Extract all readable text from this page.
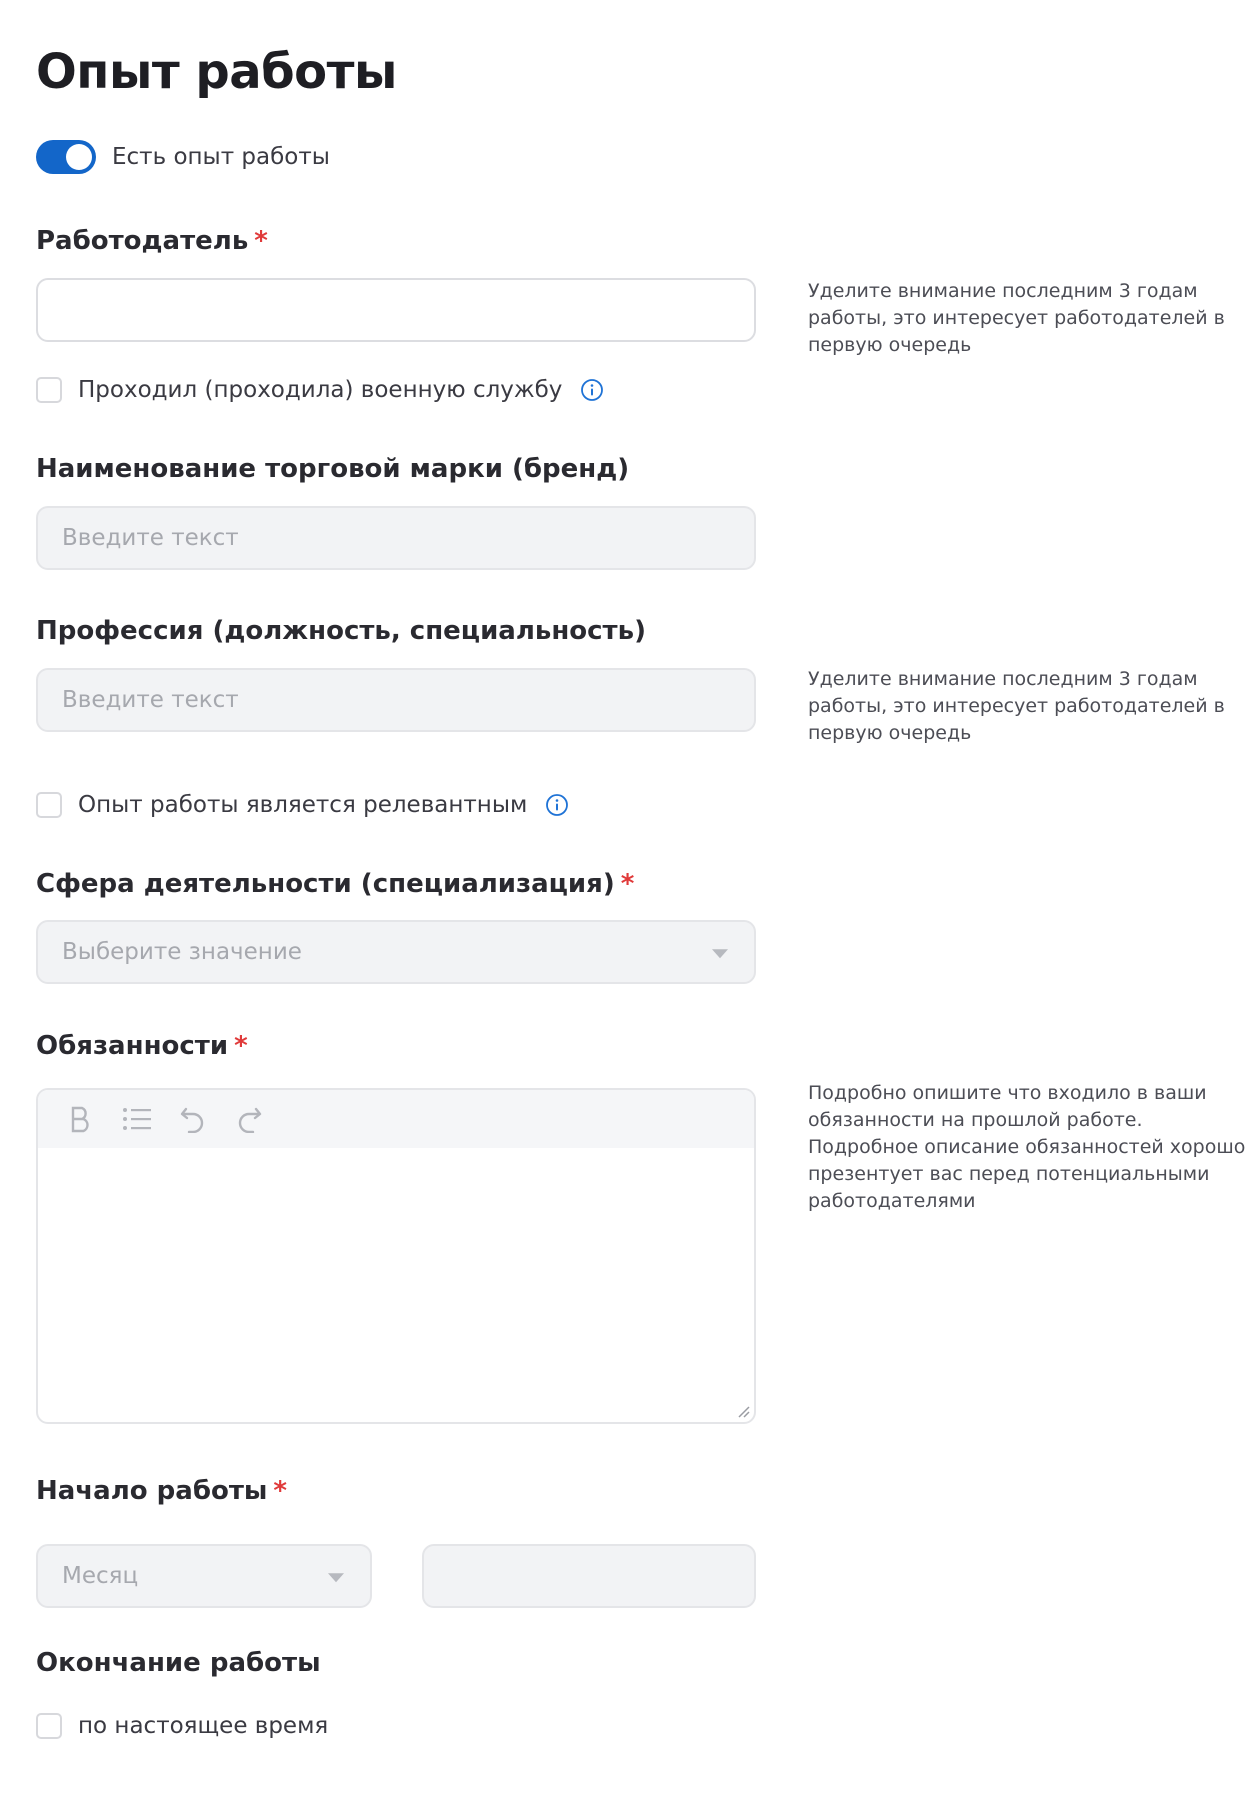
Опыт работы
Есть опыт работы
Работодатель *
Уделите внимание последним 3 годам работы, это интересует работодателей в первую очередь
Проходил (проходила) военную службу
Наименование торговой марки (бренд)
Введите текст
Профессия (должность, специальность)
Введите текст
Уделите внимание последним 3 годам работы, это интересует работодателей в первую очередь
Опыт работы является релевантным
Сфера деятельности (специализация) *
Выберите значение
Обязанности *
Подробно опишите что входило в ваши обязанности на прошлой работе. Подробное описание обязанностей хорошо презентует вас перед потенциальными работодателями
Начало работы *
Месяц
Окончание работы
по настоящее время
